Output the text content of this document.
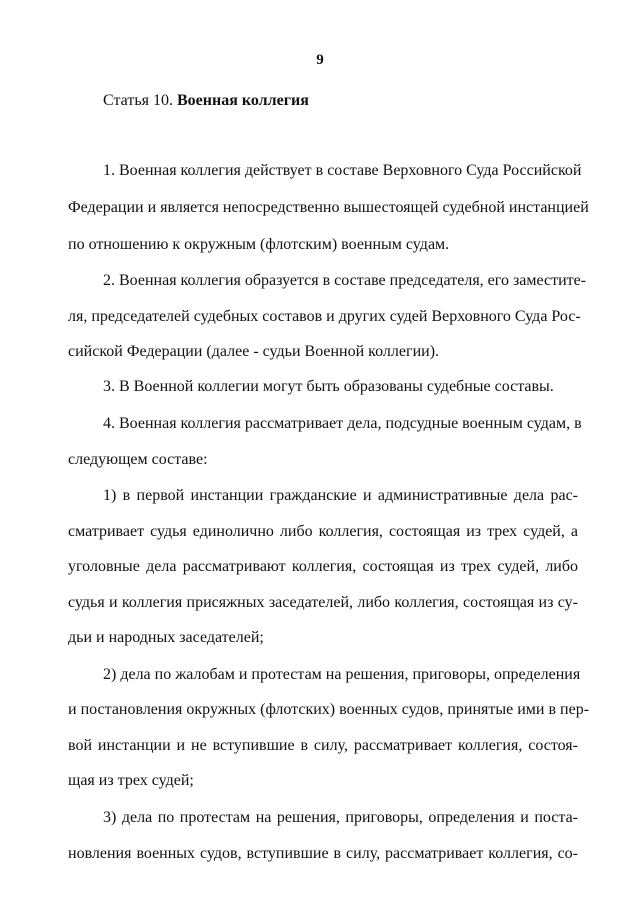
9
Статья 10. Военная коллегия
1. Военная коллегия действует в составе Верховного Суда Российской
Федерации и является непосредственно вышестоящей судебной инстанцией
по отношению к окружным (флотским) военным судам.
2. Военная коллегия образуется в составе председателя, его заместите-
ля, председателей судебных составов и других судей Верховного Суда Рос-
сийской Федерации (далее - судьи Военной коллегии).
3. В Военной коллегии могут быть образованы судебные составы.
4. Военная коллегия рассматривает дела, подсудные военным судам, в
следующем составе:
1) в первой инстанции гражданские и административные дела рас-
сматривает судья единолично либо коллегия, состоящая из трех судей, а
уголовные дела рассматривают коллегия, состоящая из трех судей, либо
судья и коллегия присяжных заседателей, либо коллегия, состоящая из су-
дьи и народных заседателей;
2) дела по жалобам и протестам на решения, приговоры, определения
и постановления окружных (флотских) военных судов, принятые ими в пер-
вой инстанции и не вступившие в силу, рассматривает коллегия, состоя-
щая из трех судей;
3) дела по протестам на решения, приговоры, определения и поста-
новления военных судов, вступившие в силу, рассматривает коллегия, со-
